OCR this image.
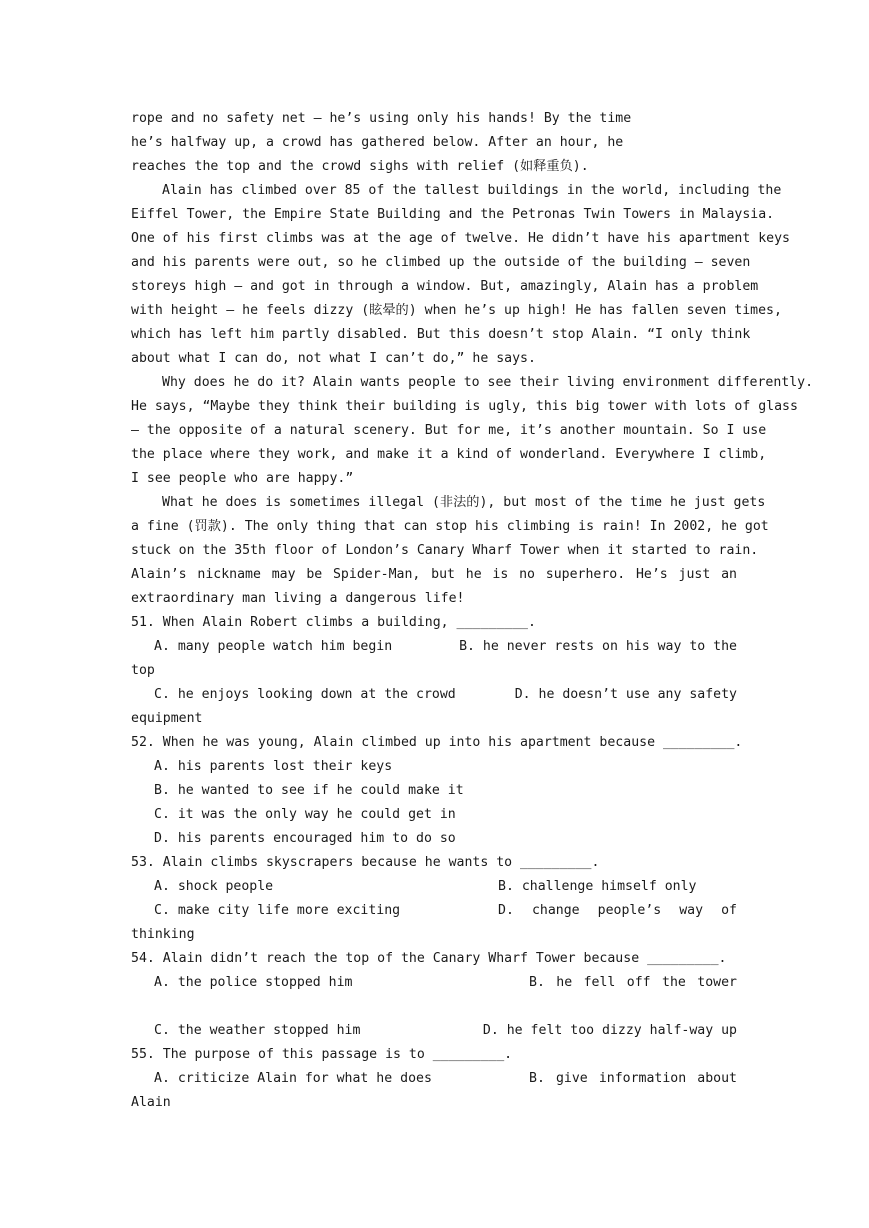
rope and no safety net — he’s using only his hands! By the time
he’s halfway up, a crowd has gathered below. After an hour, he
reaches the top and the crowd sighs with relief (如释重负).
Alain has climbed over 85 of the tallest buildings in the world, including the
Eiffel Tower, the Empire State Building and the Petronas Twin Towers in Malaysia.
One of his first climbs was at the age of twelve. He didn’t have his apartment keys
and his parents were out, so he climbed up the outside of the building — seven
storeys high — and got in through a window. But, amazingly, Alain has a problem
with height — he feels dizzy (眩晕的) when he’s up high! He has fallen seven times,
which has left him partly disabled. But this doesn’t stop Alain. “I only think
about what I can do, not what I can’t do,” he says.
Why does he do it? Alain wants people to see their living environment differently.
He says, “Maybe they think their building is ugly, this big tower with lots of glass
— the opposite of a natural scenery. But for me, it’s another mountain. So I use
the place where they work, and make it a kind of wonderland. Everywhere I climb,
I see people who are happy.”
What he does is sometimes illegal (非法的), but most of the time he just gets
a fine (罚款). The only thing that can stop his climbing is rain! In 2002, he got
stuck on the 35th floor of London’s Canary Wharf Tower when it started to rain.
Alain’s nickname may be Spider-Man, but he is no superhero. He’s just an
extraordinary man living a dangerous life!
51. When Alain Robert climbs a building, _________.
A. many people watch him begin	B. he never rests on his way to the
top
C. he enjoys looking down at the crowd	D. he doesn’t use any safety
equipment
52. When he was young, Alain climbed up into his apartment because _________.
A. his parents lost their keys
B. he wanted to see if he could make it
C. it was the only way he could get in
D. his parents encouraged him to do so
53. Alain climbs skyscrapers because he wants to _________.
A. shock people	B. challenge himself only
C. make city life more exciting	D. change people’s way of
thinking
54. Alain didn’t reach the top of the Canary Wharf Tower because _________.
A. the police stopped him	B. he fell off the tower
C. the weather stopped him	D. he felt too dizzy half-way up
55. The purpose of this passage is to _________.
A. criticize Alain for what he does	B. give information about
Alain
